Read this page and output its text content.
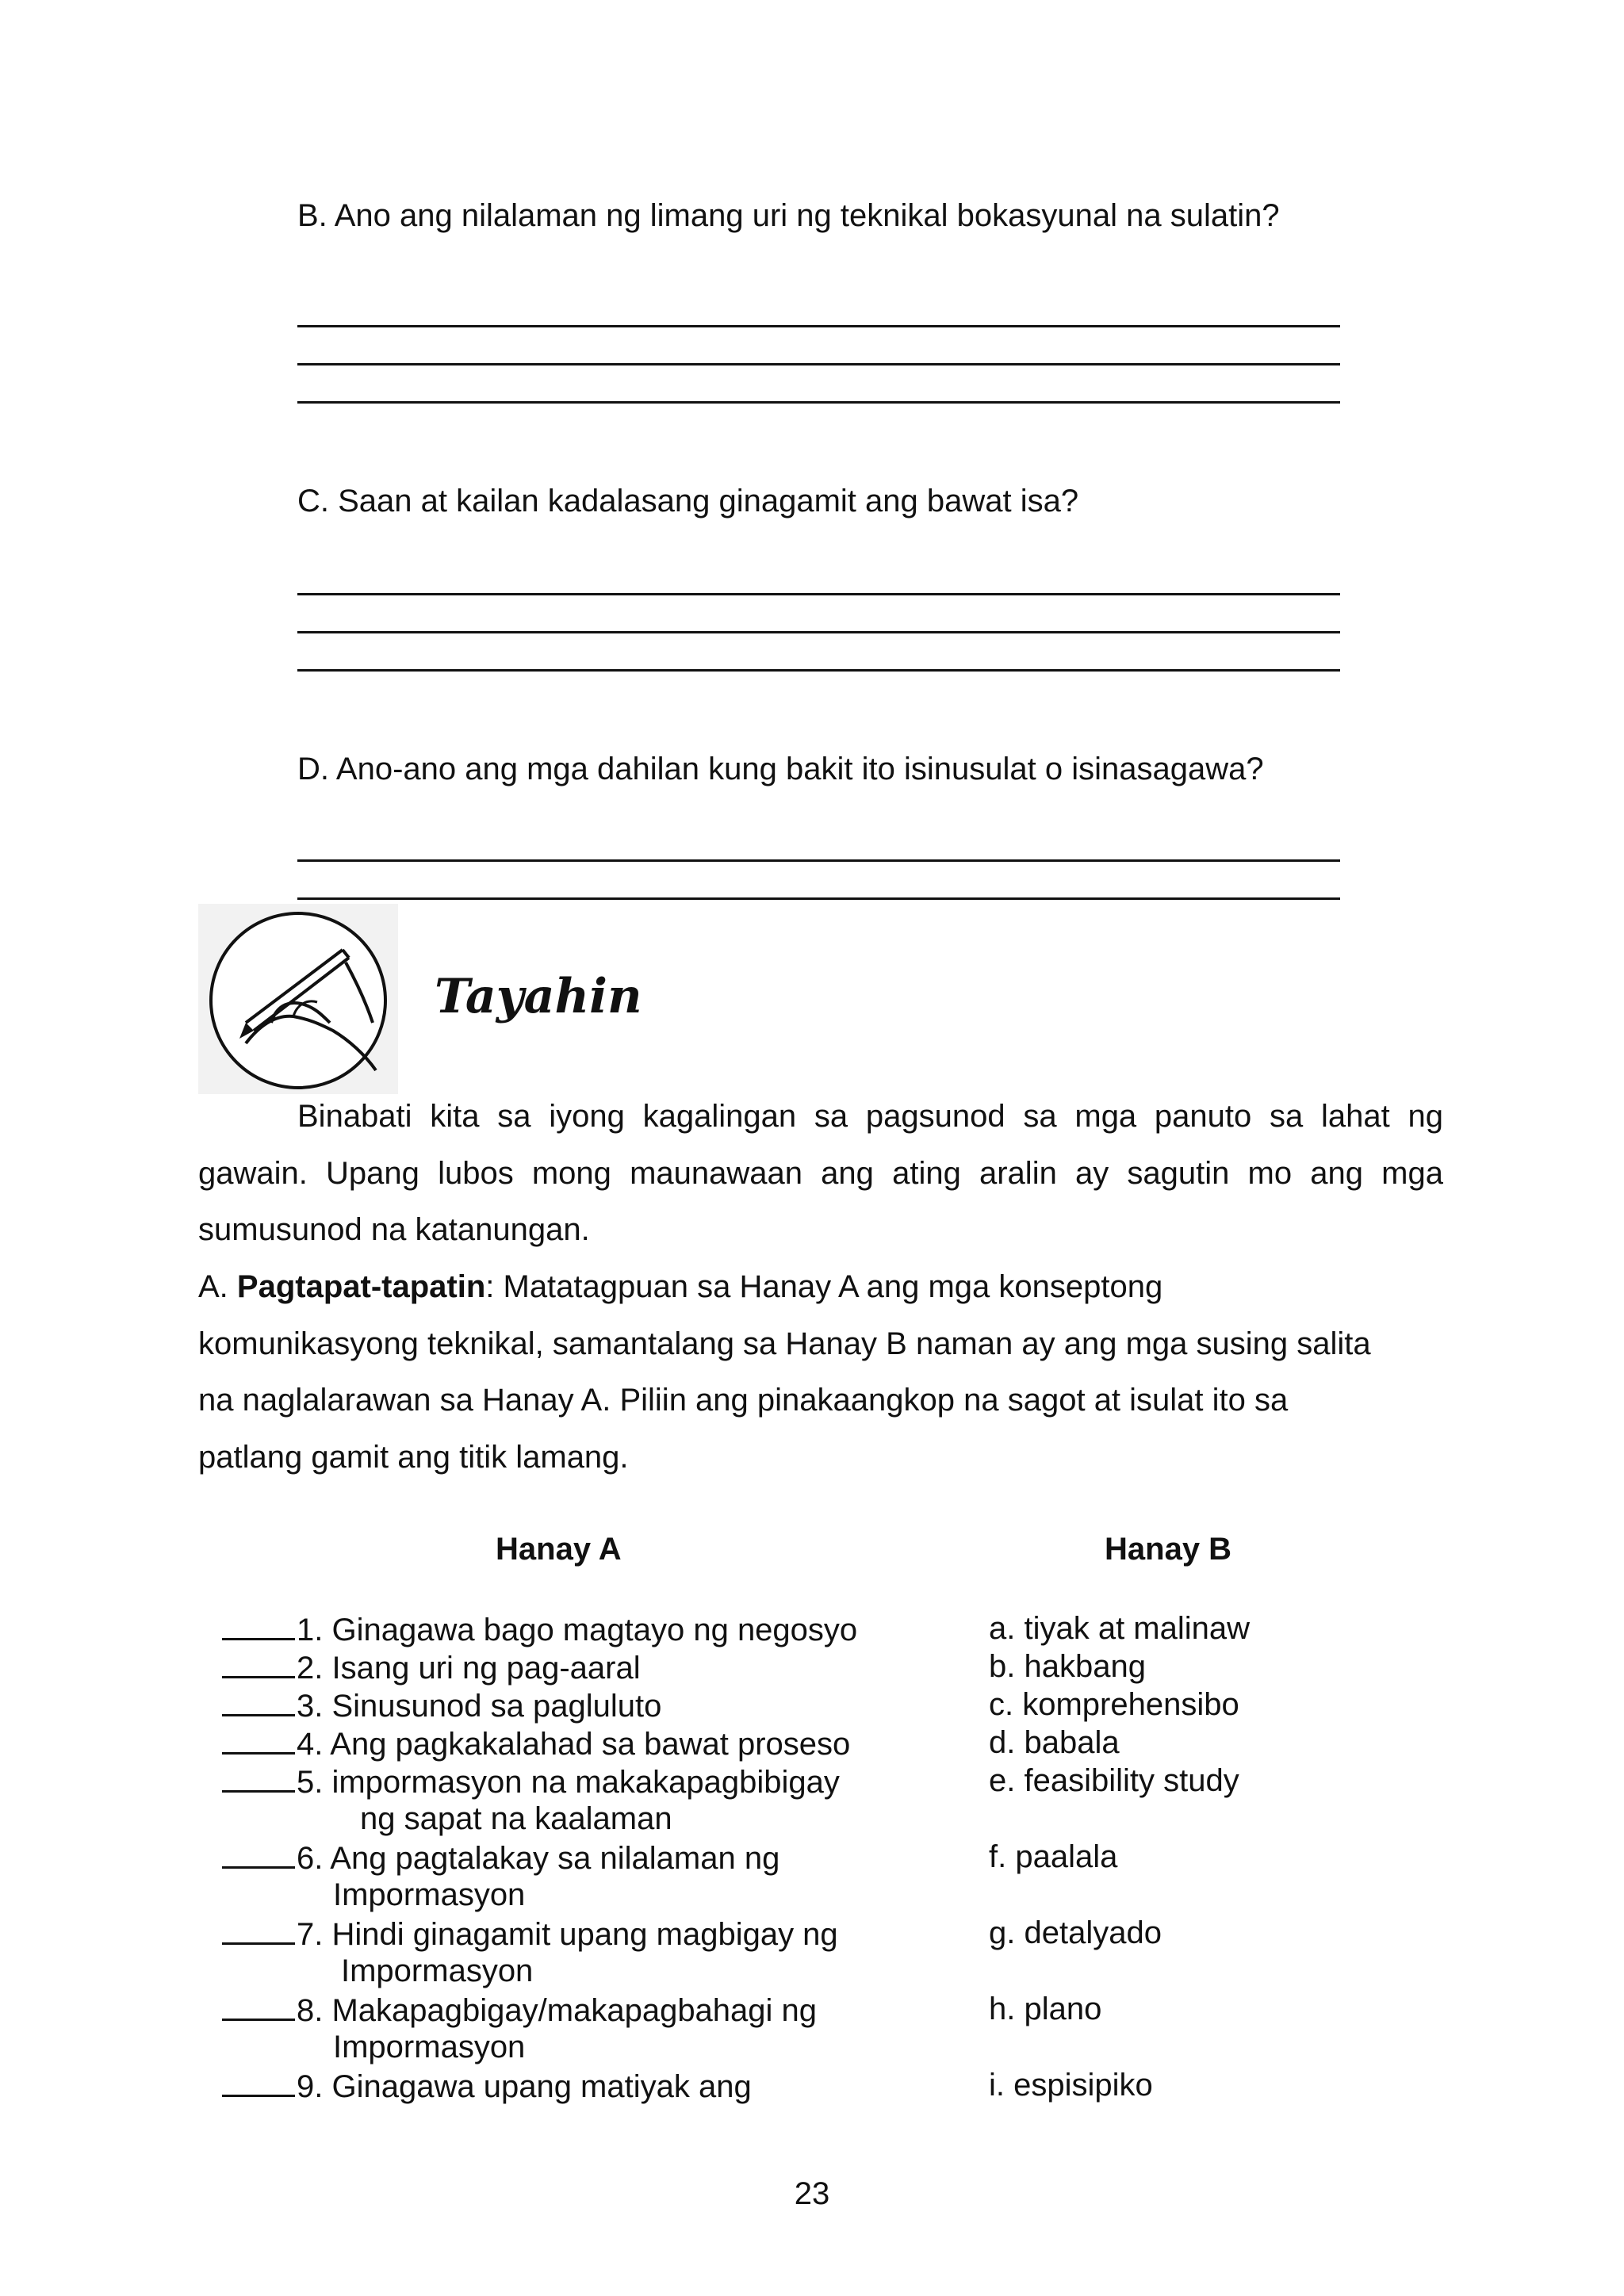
B. Ano ang nilalaman ng limang uri ng teknikal bokasyunal na sulatin?
C. Saan at kailan kadalasang ginagamit ang bawat isa?
D. Ano-ano ang mga dahilan kung bakit ito isinusulat o isinasagawa?
Tayahin
Binabati kita sa iyong kagalingan sa pagsunod sa mga panuto sa lahat ng
gawain. Upang lubos mong maunawaan ang ating aralin ay sagutin mo ang mga
sumusunod na katanungan.
A. Pagtapat-tapatin: Matatagpuan sa Hanay A ang mga konseptong
komunikasyong teknikal, samantalang sa Hanay B naman ay ang mga susing salita
na naglalarawan sa Hanay A. Piliin ang pinakaangkop na sagot at isulat ito sa
patlang gamit ang titik lamang.
Hanay A	Hanay B
1. Ginagawa bago magtayo ng negosyo
2. Isang uri ng pag-aaral
3. Sinusunod sa pagluluto
4. Ang pagkakalahad sa bawat proseso
5. impormasyon na makakapagbibigay
ng sapat na kaalaman
6. Ang pagtalakay sa nilalaman ng
Impormasyon
7. Hindi ginagamit upang magbigay ng
Impormasyon
8. Makapagbigay/makapagbahagi ng
Impormasyon
9. Ginagawa upang matiyak ang
a. tiyak at malinaw
b. hakbang
c. komprehensibo
d. babala
e. feasibility study
f. paalala
g. detalyado
h. plano
i. espisipiko
23
